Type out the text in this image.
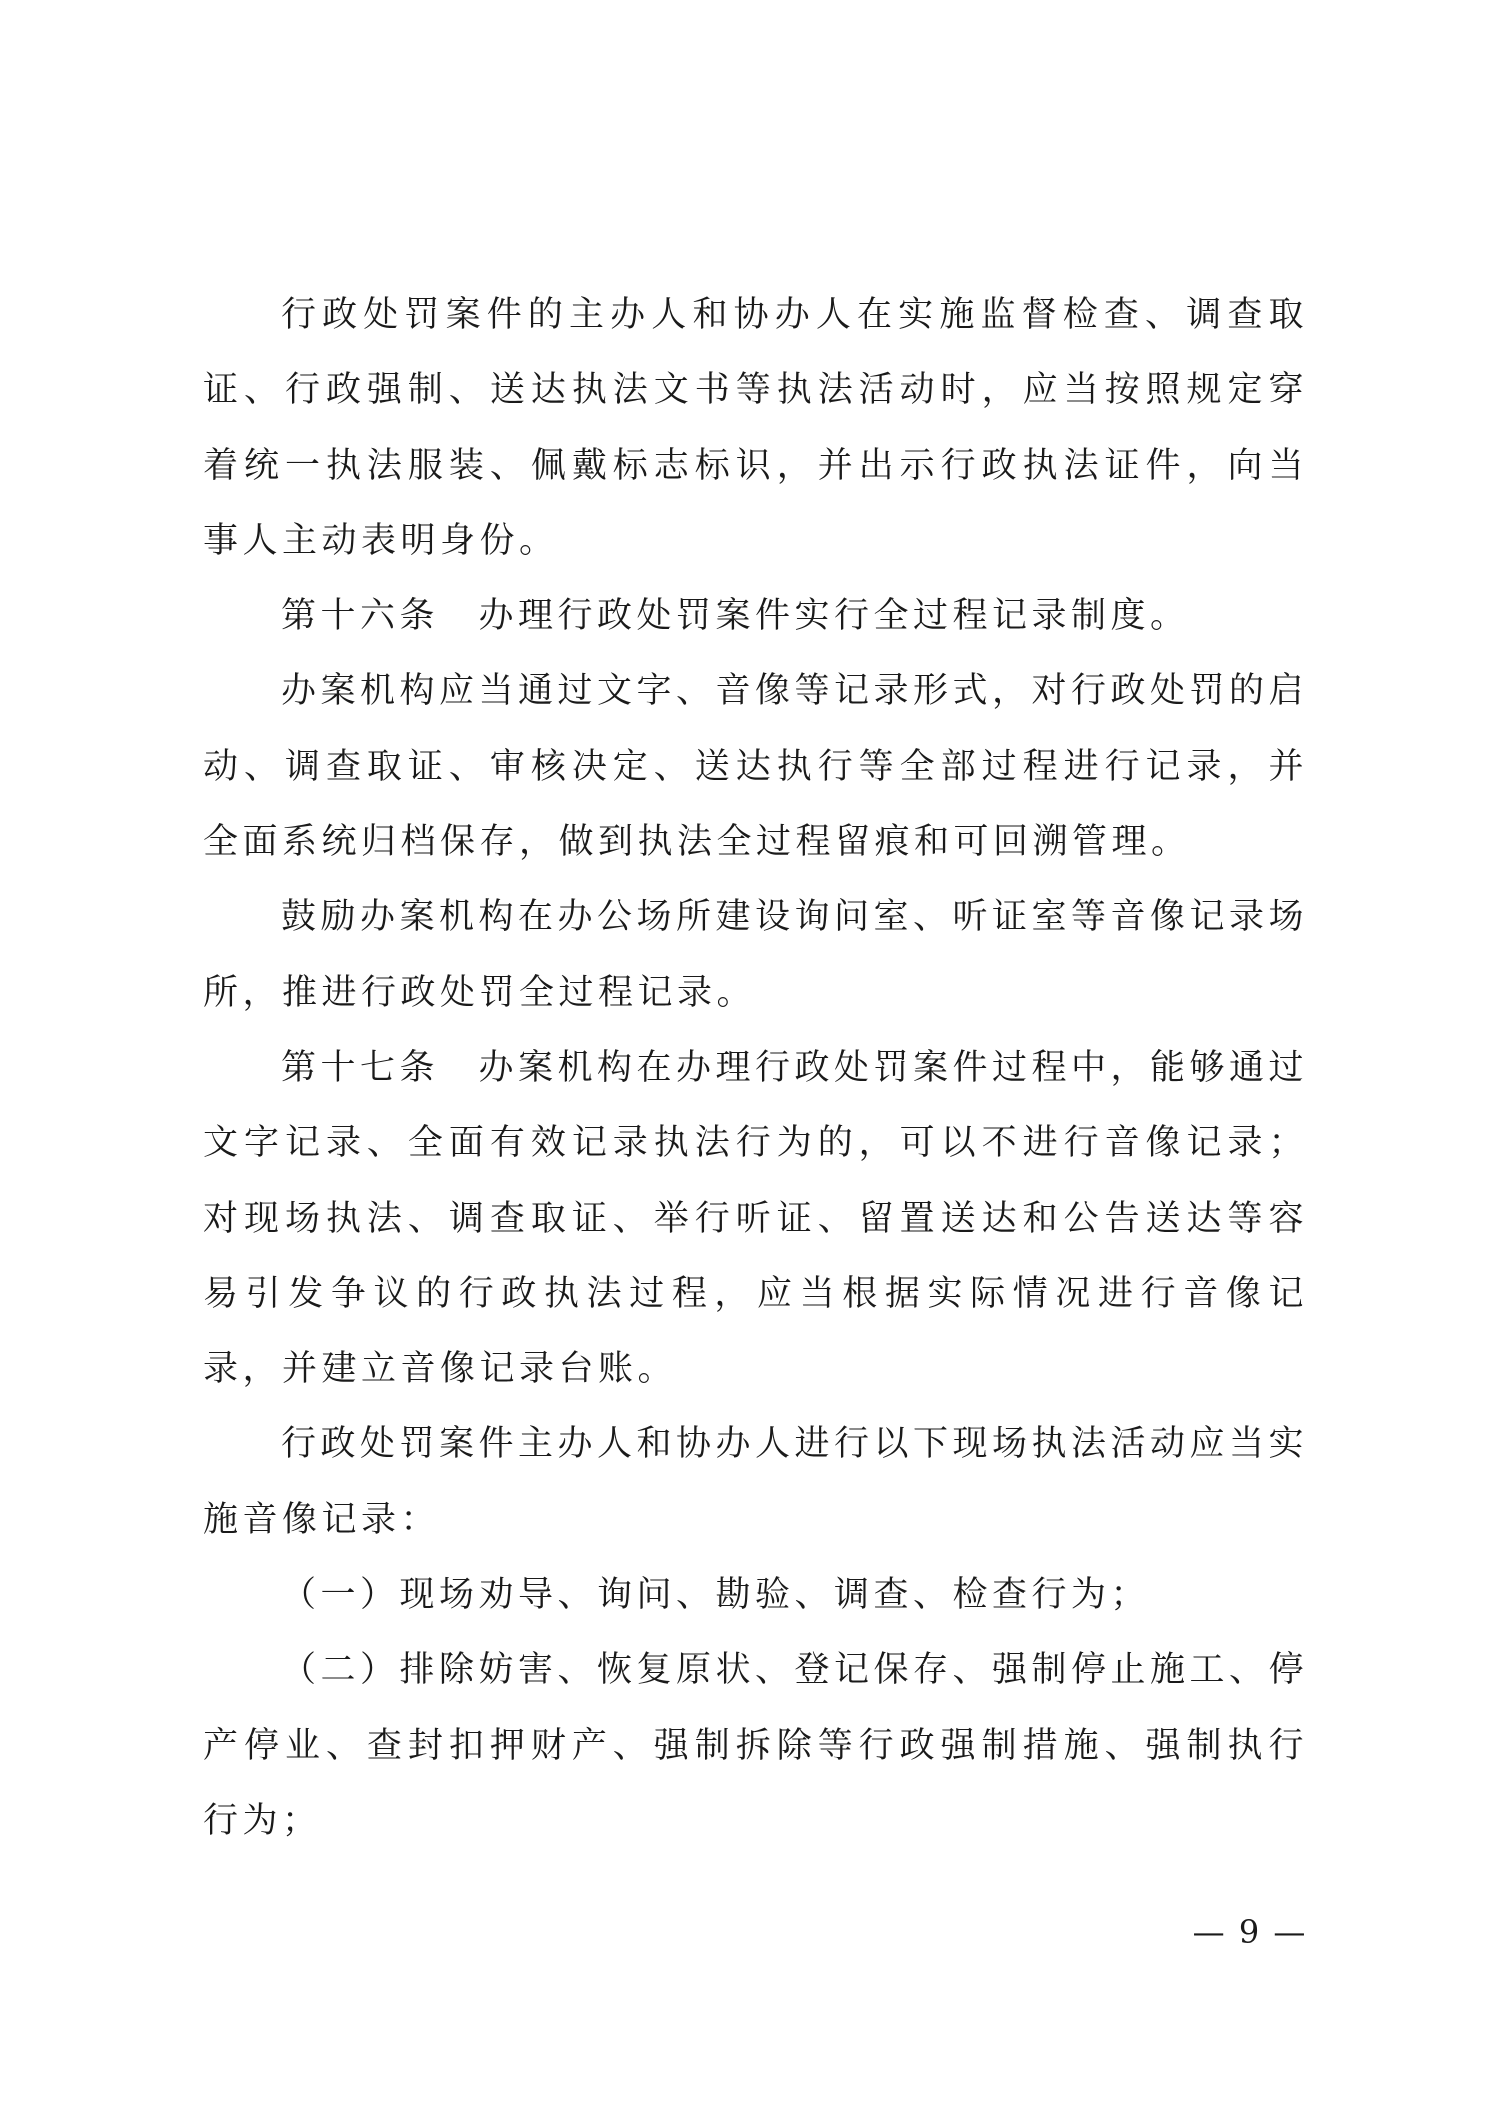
行政处罚案件的主办人和协办人在实施监督检查、调查取证、行政强制、送达执法文书等执法活动时，应当按照规定穿着统一执法服装、佩戴标志标识，并出示行政执法证件，向当事人主动表明身份。

第十六条　办理行政处罚案件实行全过程记录制度。

办案机构应当通过文字、音像等记录形式，对行政处罚的启动、调查取证、审核决定、送达执行等全部过程进行记录，并全面系统归档保存，做到执法全过程留痕和可回溯管理。

鼓励办案机构在办公场所建设询问室、听证室等音像记录场所，推进行政处罚全过程记录。

第十七条　办案机构在办理行政处罚案件过程中，能够通过文字记录、全面有效记录执法行为的，可以不进行音像记录；对现场执法、调查取证、举行听证、留置送达和公告送达等容易引发争议的行政执法过程，应当根据实际情况进行音像记录，并建立音像记录台账。

行政处罚案件主办人和协办人进行以下现场执法活动应当实施音像记录：

（一）现场劝导、询问、勘验、调查、检查行为；

（二）排除妨害、恢复原状、登记保存、强制停止施工、停产停业、查封扣押财产、强制拆除等行政强制措施、强制执行行为；

— 9 —
